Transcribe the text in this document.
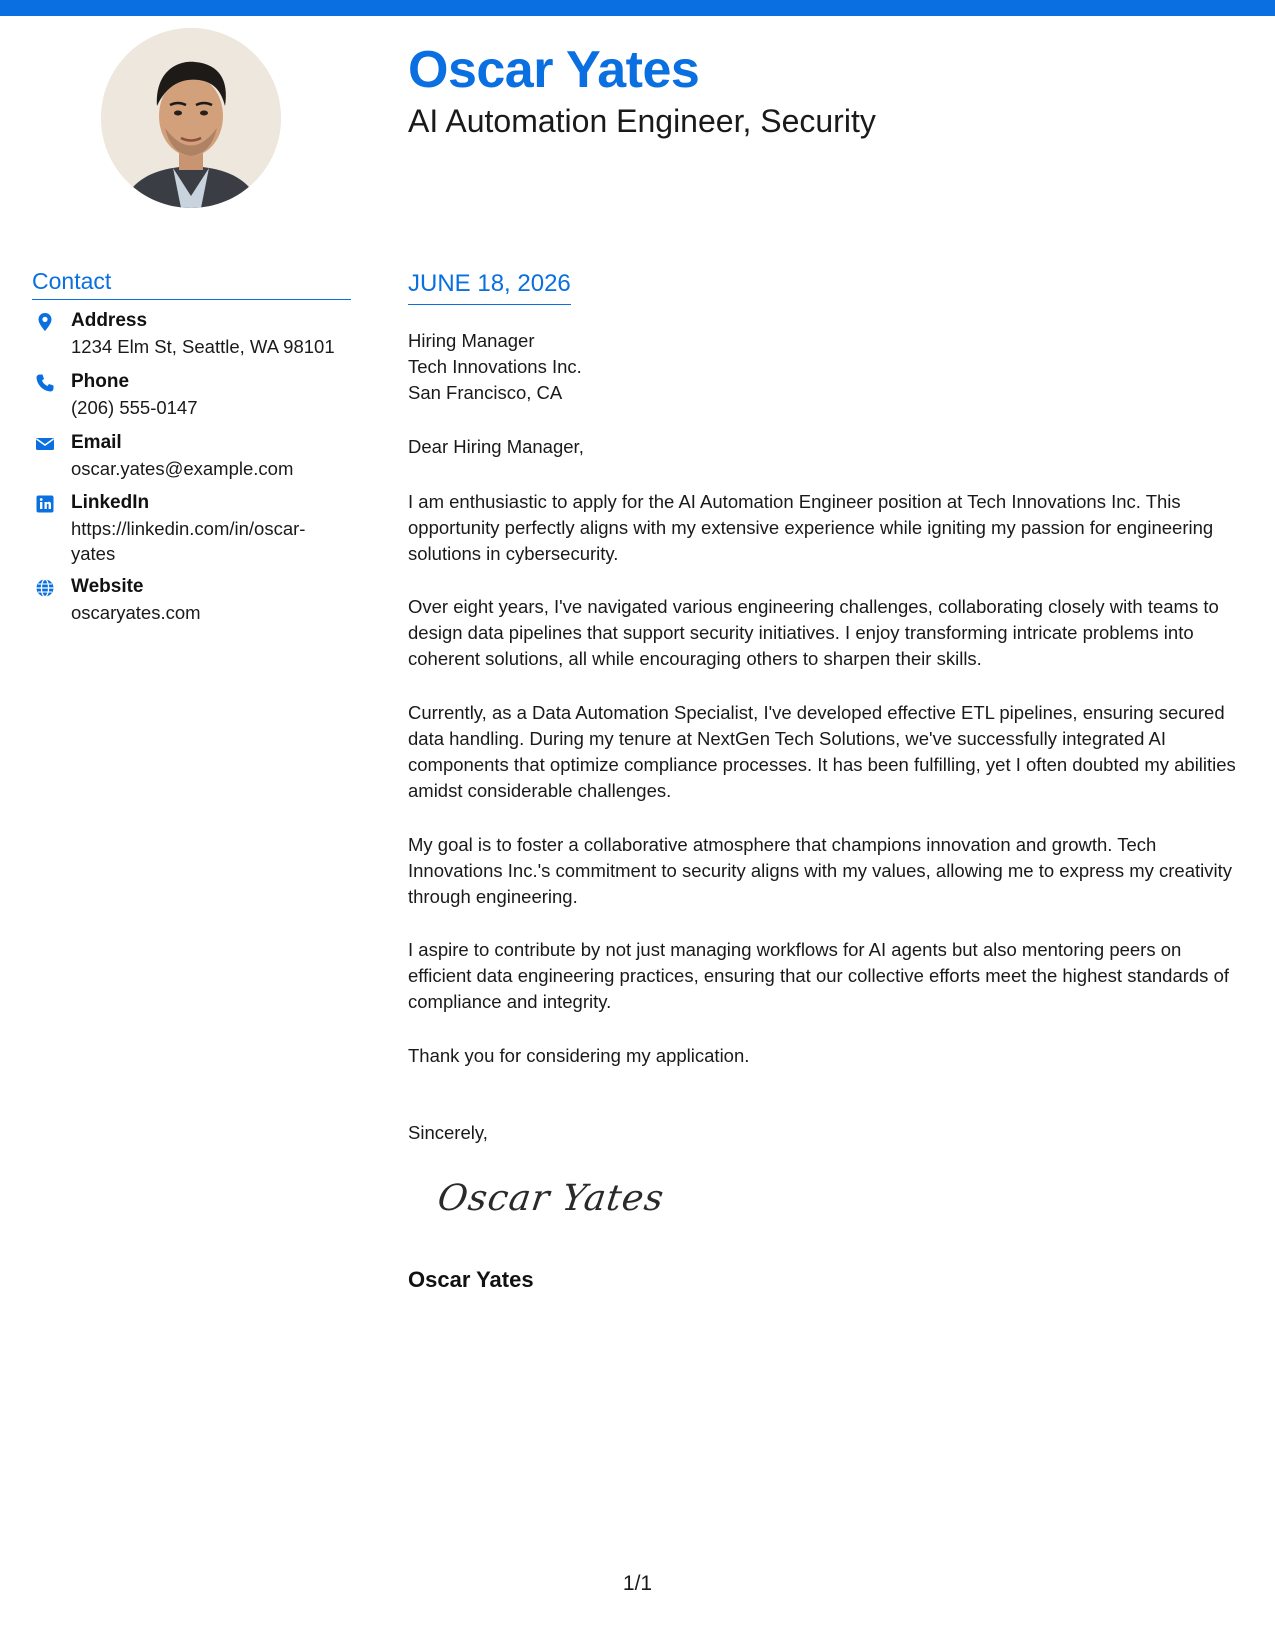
Oscar Yates
AI Automation Engineer, Security
Contact
Address
1234 Elm St, Seattle, WA 98101
Phone
(206) 555-0147
Email
oscar.yates@example.com
LinkedIn
https://linkedin.com/in/oscar-yates
Website
oscaryates.com
JUNE 18, 2026
Hiring Manager
Tech Innovations Inc.
San Francisco, CA
Dear Hiring Manager,
I am enthusiastic to apply for the AI Automation Engineer position at Tech Innovations Inc. This opportunity perfectly aligns with my extensive experience while igniting my passion for engineering solutions in cybersecurity.
Over eight years, I've navigated various engineering challenges, collaborating closely with teams to design data pipelines that support security initiatives. I enjoy transforming intricate problems into coherent solutions, all while encouraging others to sharpen their skills.
Currently, as a Data Automation Specialist, I've developed effective ETL pipelines, ensuring secured data handling. During my tenure at NextGen Tech Solutions, we've successfully integrated AI components that optimize compliance processes. It has been fulfilling, yet I often doubted my abilities amidst considerable challenges.
My goal is to foster a collaborative atmosphere that champions innovation and growth. Tech Innovations Inc.'s commitment to security aligns with my values, allowing me to express my creativity through engineering.
I aspire to contribute by not just managing workflows for AI agents but also mentoring peers on efficient data engineering practices, ensuring that our collective efforts meet the highest standards of compliance and integrity.
Thank you for considering my application.
Sincerely,
Oscar Yates
Oscar Yates
1/1
